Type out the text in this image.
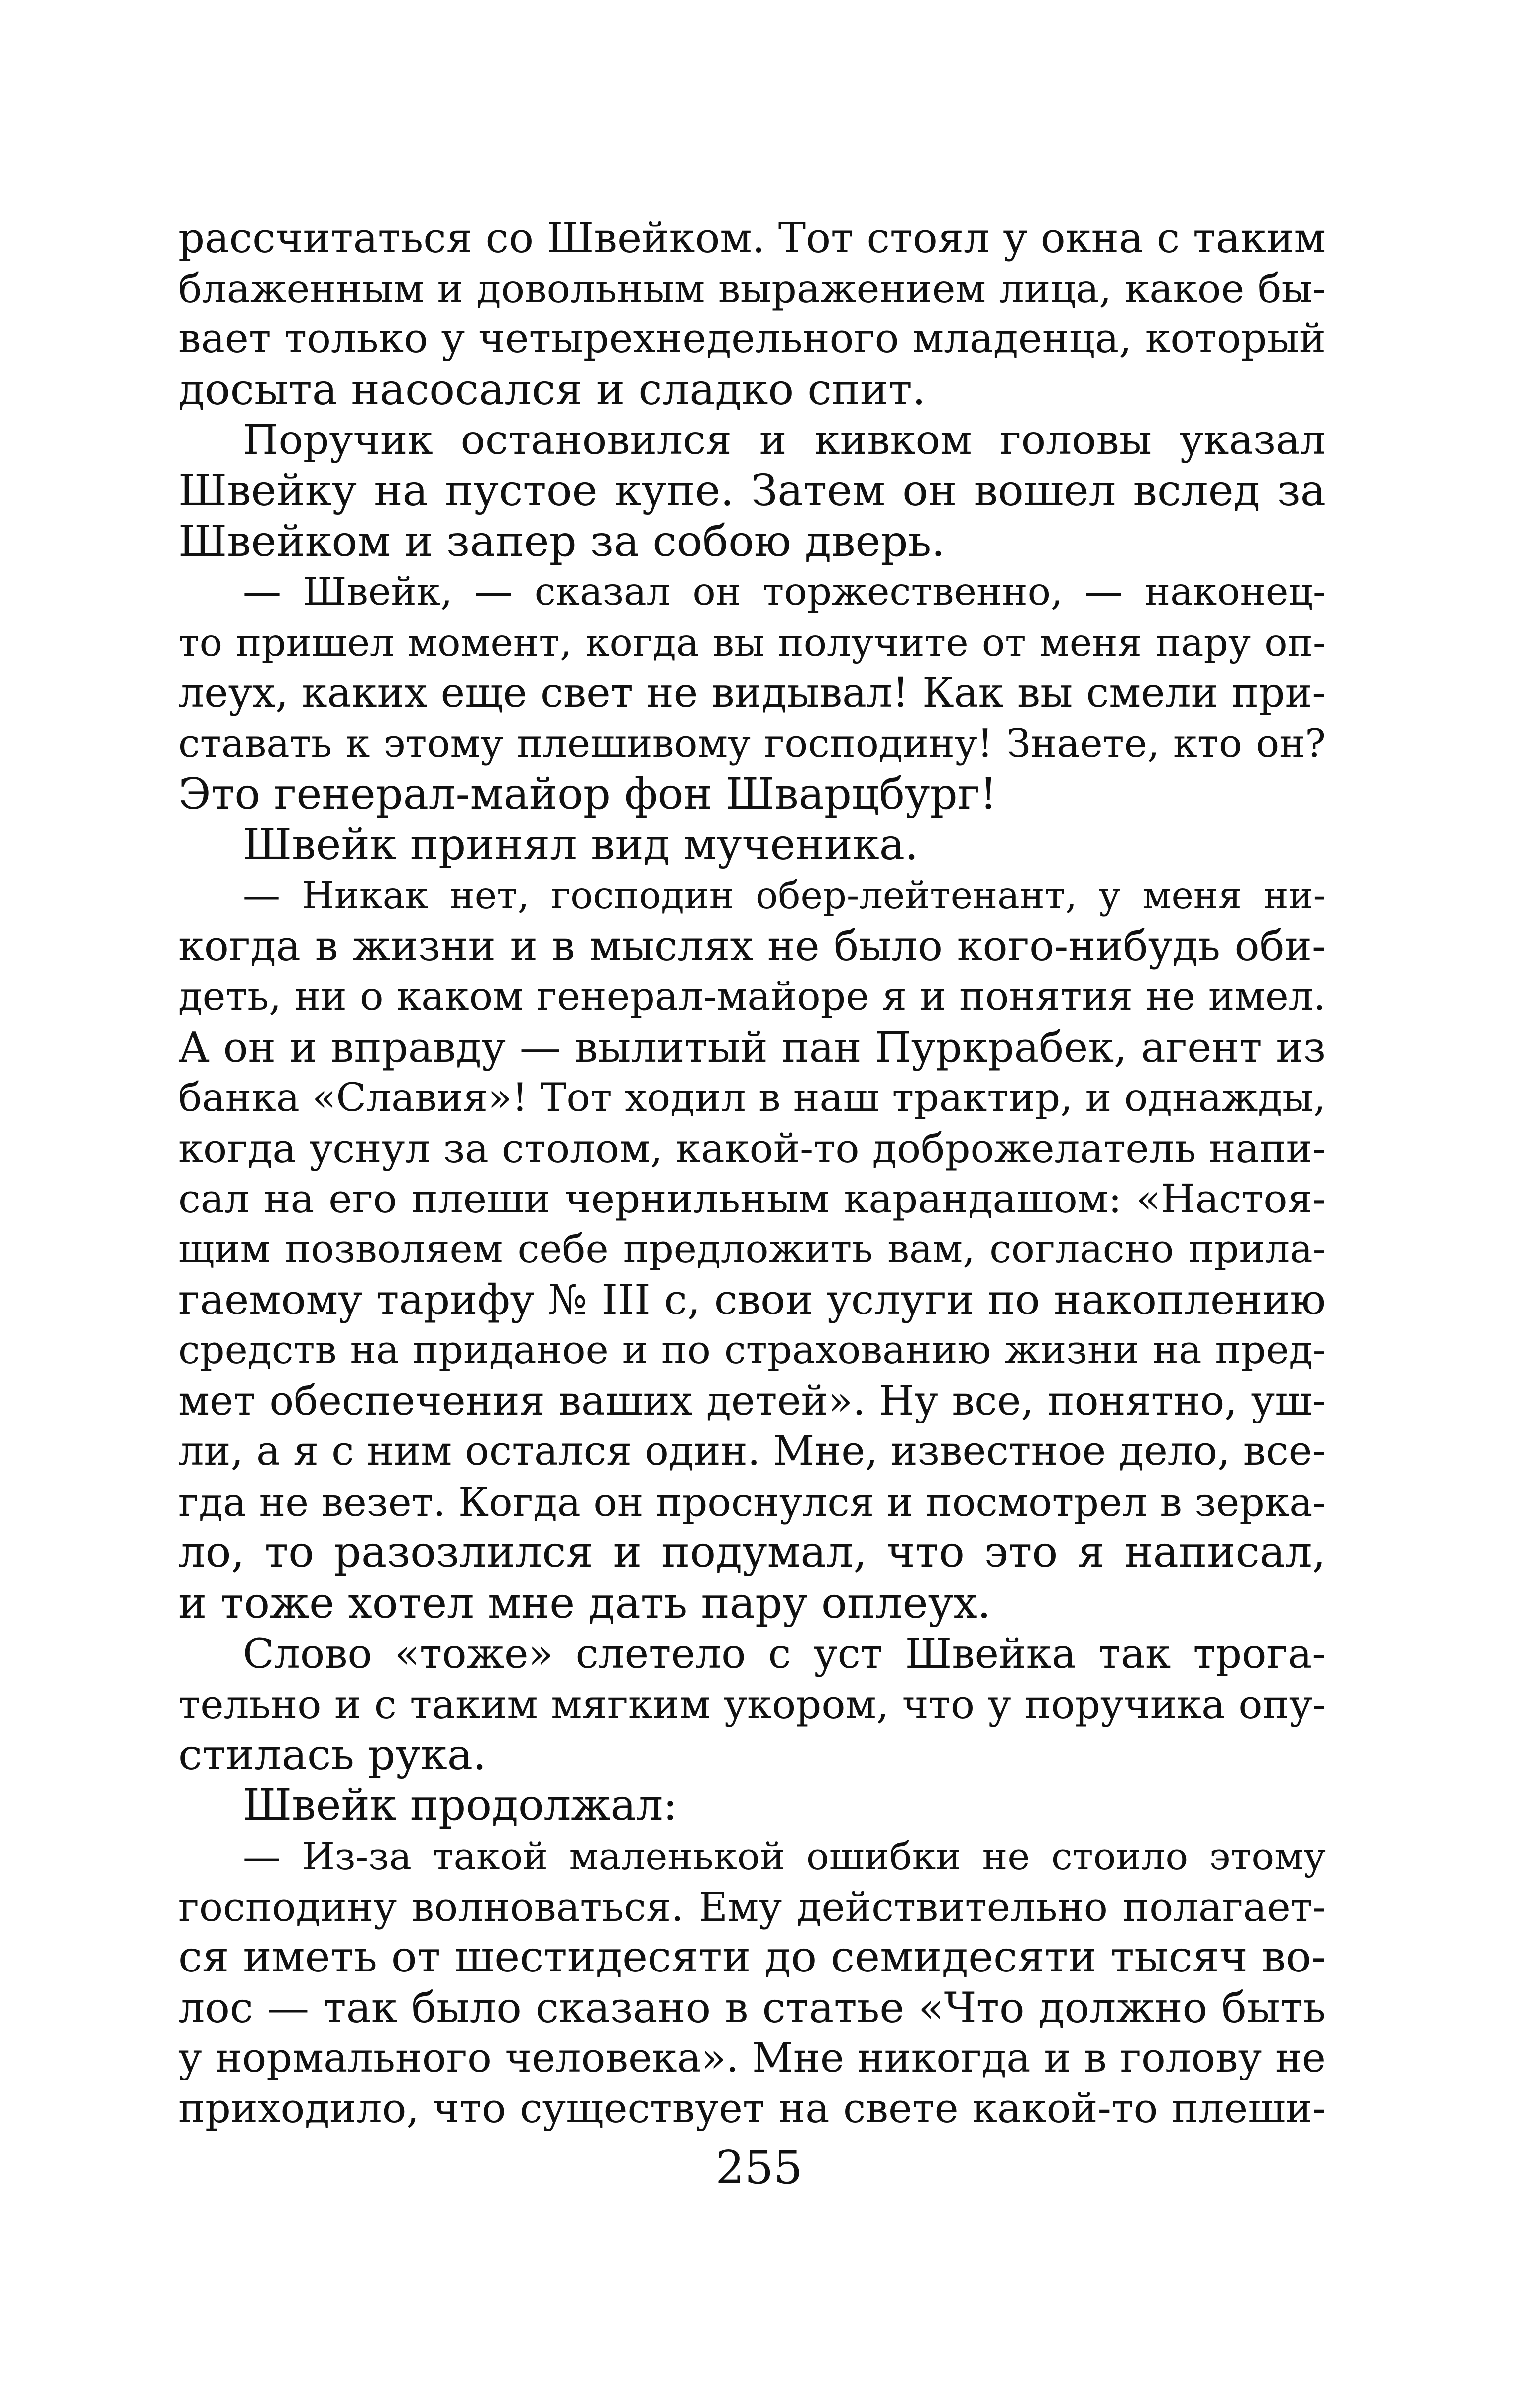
рассчитаться со Швейком. Тот стоял у окна с таким
блаженным и довольным выражением лица, какое бы-
вает только у четырехнедельного младенца, который
досыта насосался и сладко спит.
Поручик остановился и кивком головы указал
Швейку на пустое купе. Затем он вошел вслед за
Швейком и запер за собою дверь.
— Швейк, — сказал он торжественно, — наконец-
то пришел момент, когда вы получите от меня пару оп-
леух, каких еще свет не видывал! Как вы смели при-
ставать к этому плешивому господину! Знаете, кто он?
Это генерал-майор фон Шварцбург!
Швейк принял вид мученика.
— Никак нет, господин обер-лейтенант, у меня ни-
когда в жизни и в мыслях не было кого-нибудь оби-
деть, ни о каком генерал-майоре я и понятия не имел.
А он и вправду — вылитый пан Пуркрабек, агент из
банка «Славия»! Тот ходил в наш трактир, и однажды,
когда уснул за столом, какой-то доброжелатель напи-
сал на его плеши чернильным карандашом: «Настоя-
щим позволяем себе предложить вам, согласно прила-
гаемому тарифу № III с, свои услуги по накоплению
средств на приданое и по страхованию жизни на пред-
мет обеспечения ваших детей». Ну все, понятно, уш-
ли, а я с ним остался один. Мне, известное дело, все-
гда не везет. Когда он проснулся и посмотрел в зерка-
ло, то разозлился и подумал, что это я написал,
и тоже хотел мне дать пару оплеух.
Слово «тоже» слетело с уст Швейка так трога-
тельно и с таким мягким укором, что у поручика опу-
стилась рука.
Швейк продолжал:
— Из-за такой маленькой ошибки не стоило этому
господину волноваться. Ему действительно полагает-
ся иметь от шестидесяти до семидесяти тысяч во-
лос — так было сказано в статье «Что должно быть
у нормального человека». Мне никогда и в голову не
приходило, что существует на свете какой-то плеши-
255
